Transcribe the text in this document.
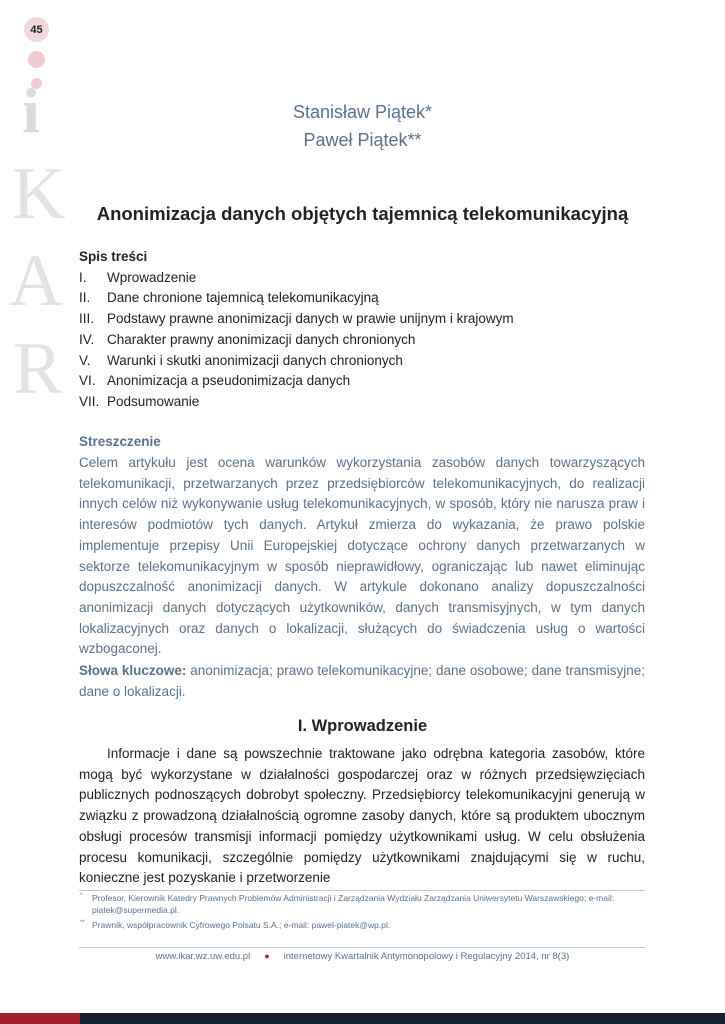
45
i
K
A
R
Stanisław Piątek*
Paweł Piątek**
Anonimizacja danych objętych tajemnicą telekomunikacyjną
Spis treści
I.	Wprowadzenie
II.	Dane chronione tajemnicą telekomunikacyjną
III. Podstawy prawne anonimizacji danych w prawie unijnym i krajowym
IV. Charakter prawny anonimizacji danych chronionych
V.	Warunki i skutki anonimizacji danych chronionych
VI. Anonimizacja a pseudonimizacja danych
VII. Podsumowanie
Streszczenie

Celem artykułu jest ocena warunków wykorzystania zasobów danych towarzyszących telekomunikacji, przetwarzanych przez przedsiębiorców telekomunikacyjnych, do realizacji innych celów niż wykonywanie usług telekomunikacyjnych, w sposób, który nie narusza praw i interesów podmiotów tych danych. Artykuł zmierza do wykazania, że prawo polskie implementuje przepisy Unii Europejskiej dotyczące ochrony danych przetwarzanych w sektorze telekomunikacyjnym w sposób nieprawidłowy, ograniczając lub nawet eliminując dopuszczalność anonimizacji danych. W artykule dokonano analizy dopuszczalności anonimizacji danych dotyczących użytkowników, danych transmisyjnych, w tym danych lokalizacyjnych oraz danych o lokalizacji, służących do świadczenia usług o wartości wzbogaconej.

Słowa kluczowe: anonimizacja; prawo telekomunikacyjne; dane osobowe; dane transmisyjne; dane o lokalizacji.

I. Wprowadzenie

Informacje i dane są powszechnie traktowane jako odrębna kategoria zasobów, które mogą być wykorzystane w działalności gospodarczej oraz w różnych przedsięwzięciach publicznych podnoszących dobrobyt społeczny. Przedsiębiorcy telekomunikacyjni generują w związku z prowadzoną działalnością ogromne zasoby danych, które są produktem ubocznym obsługi procesów transmisji informacji pomiędzy użytkownikami usług. W celu obsłużenia procesu komunikacji, szczególnie pomiędzy użytkownikami znajdującymi się w ruchu, konieczne jest pozyskanie i przetworzenie

* Profesor, Kierownik Katedry Prawnych Problemów Administracji i Zarządzania Wydziału Zarządzania Uniwersytetu Warszawskiego; e-mail: piatek@supermedia.pl.
** Prawnik, współpracownik Cyfrowego Polsatu S.A.; e-mail: pawel-piatek@wp.pl.
www.ikar.wz.uw.edu.pl ● internetowy Kwartalnik Antymonopolowy i Regulacyjny 2014, nr 8(3)
